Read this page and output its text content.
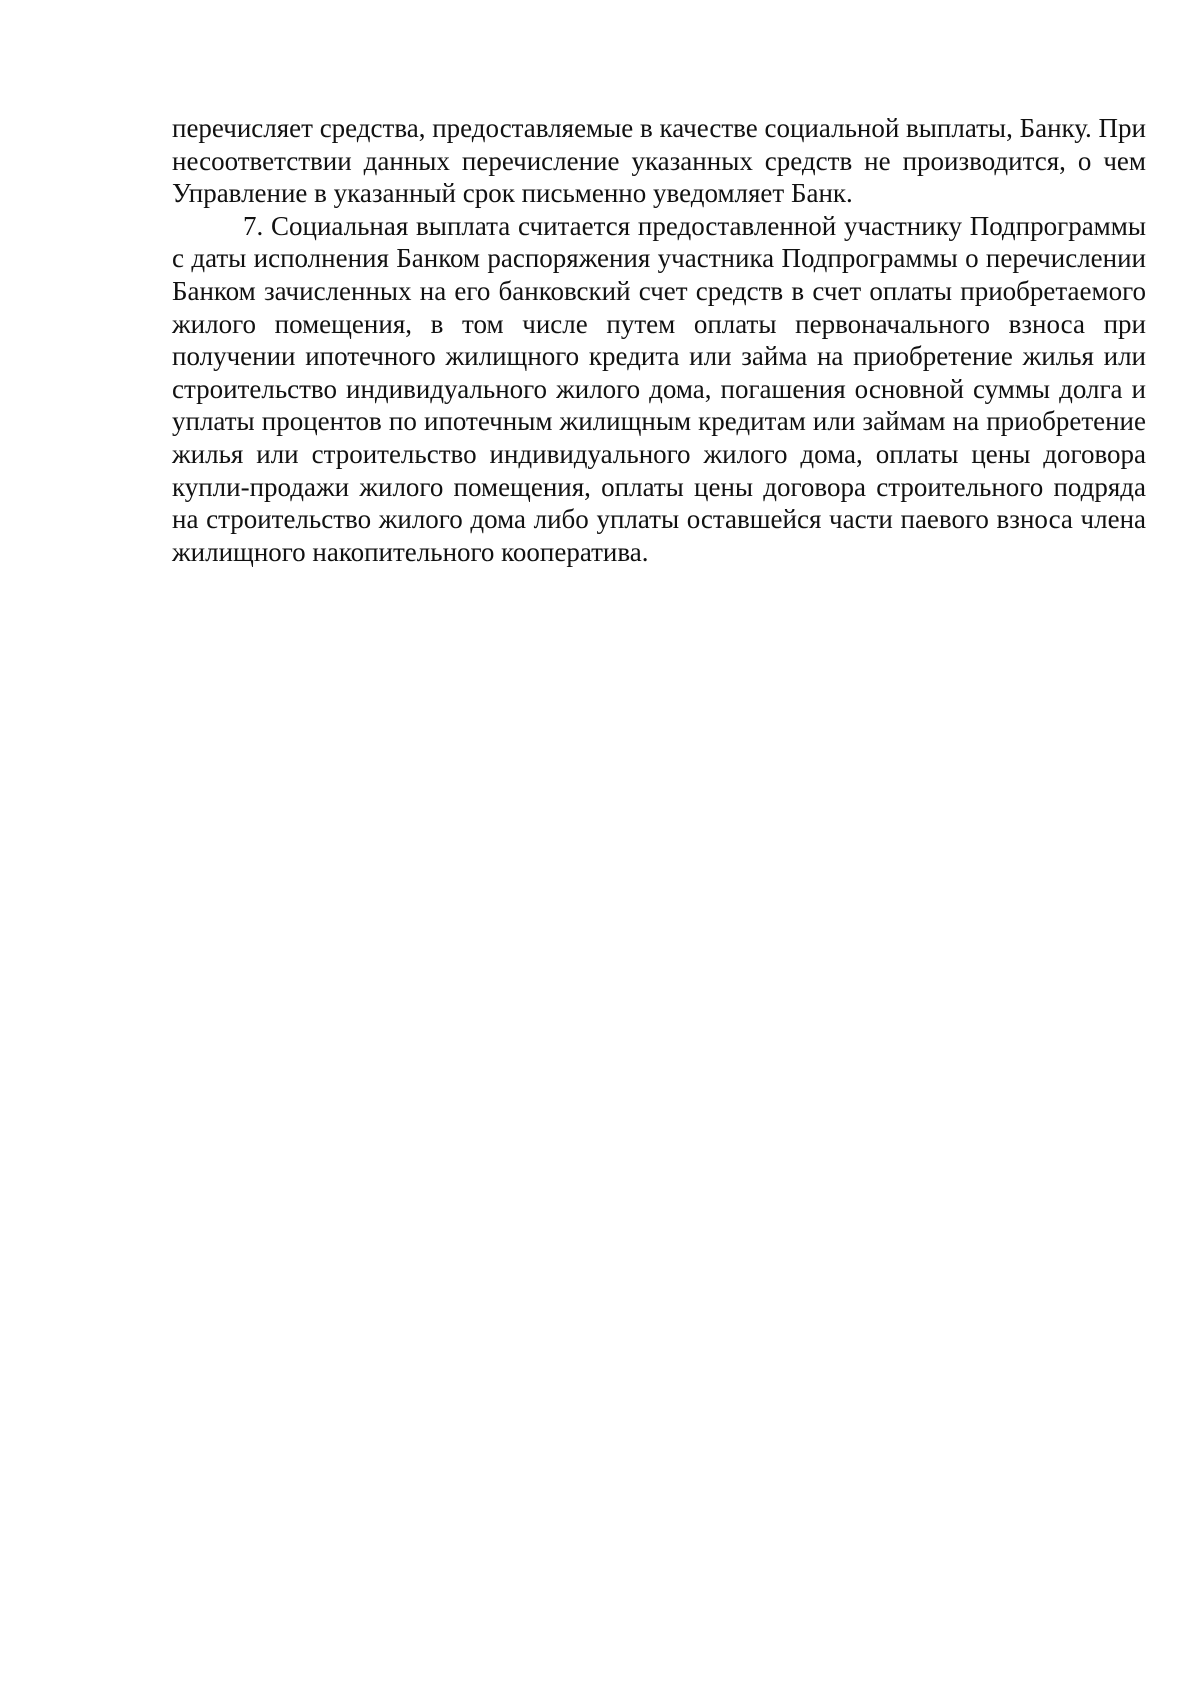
перечисляет средства, предоставляемые в качестве социальной выплаты, Банку. При несоответствии данных перечисление указанных средств не производится, о чем Управление в указанный срок письменно уведомляет Банк.

7. Социальная выплата считается предоставленной участнику Подпрограммы с даты исполнения Банком распоряжения участника Подпрограммы о перечислении Банком зачисленных на его банковский счет средств в счет оплаты приобретаемого жилого помещения, в том числе путем оплаты первоначального взноса при получении ипотечного жилищного кредита или займа на приобретение жилья или строительство индивидуального жилого дома, погашения основной суммы долга и уплаты процентов по ипотечным жилищным кредитам или займам на приобретение жилья или строительство индивидуального жилого дома, оплаты цены договора купли-продажи жилого помещения, оплаты цены договора строительного подряда на строительство жилого дома либо уплаты оставшейся части паевого взноса члена жилищного накопительного кооператива.
